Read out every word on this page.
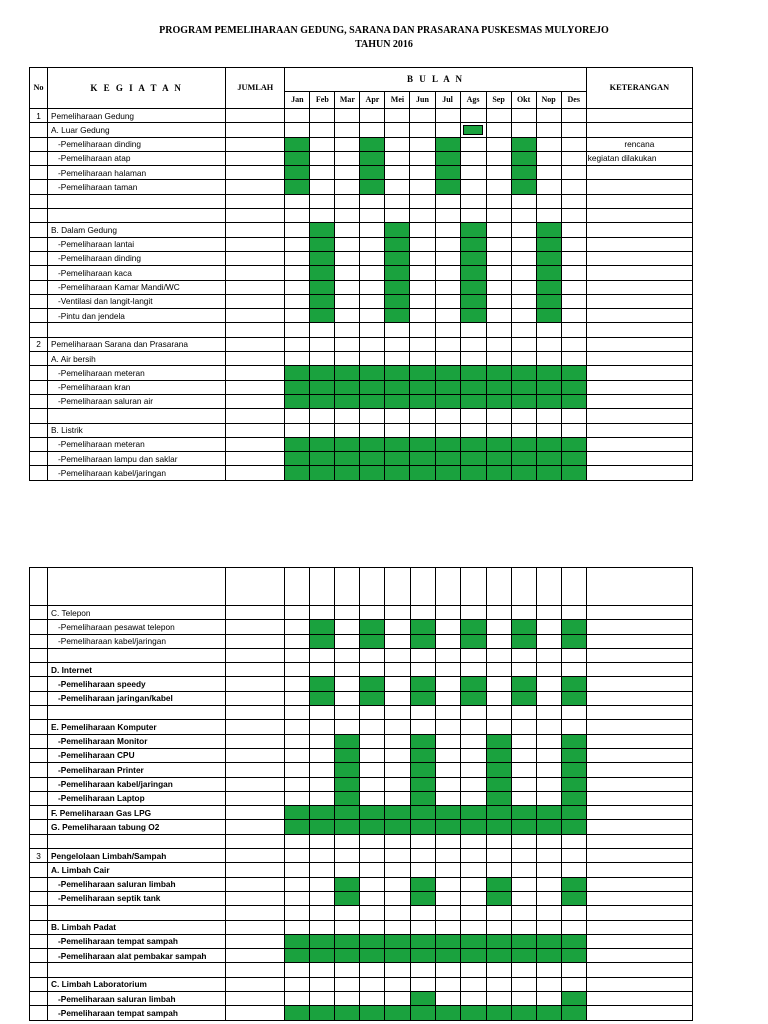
PROGRAM PEMELIHARAAN GEDUNG, SARANA DAN PRASARANA PUSKESMAS MULYOREJO
TAHUN 2016
No	K E G I A T A N	JUMLAH	B U L A N												KETERANGAN
			Jan	Feb	Mar	Apr	Mei	Jun	Jul	Ags	Sep	Okt	Nop	Des	
1	Pemeliharaan Gedung														
	A. Luar Gedung														
	-Pemeliharaan dinding														rencana
	-Pemeliharaan atap														kegiatan dilakukan
	-Pemeliharaan halaman														
	-Pemeliharaan taman														

	B. Dalam Gedung														
	-Pemeliharaan lantai														
	-Pemeliharaan dinding														
	-Pemeliharaan kaca														
	-Pemeliharaan Kamar Mandi/WC														
	-Ventilasi dan langit-langit														
	-Pintu dan jendela														

2	Pemeliharaan Sarana dan Prasarana														
	A. Air bersih														
	-Pemeliharaan meteran														
	-Pemeliharaan kran														
	-Pemeliharaan saluran air														

	B. Listrik														
	-Pemeliharaan meteran														
	-Pemeliharaan lampu dan saklar														
	-Pemeliharaan kabel/jaringan														

	C. Telepon														
	-Pemeliharaan pesawat telepon														
	-Pemeliharaan kabel/jaringan														

	D. Internet														
	-Pemeliharaan speedy														
	-Pemeliharaan jaringan/kabel														

	E. Pemeliharaan Komputer														
	-Pemeliharaan Monitor														
	-Pemeliharaan CPU														
	-Pemeliharaan Printer														
	-Pemeliharaan kabel/jaringan														
	-Pemeliharaan Laptop														
	F. Pemeliharaan Gas LPG														
	G. Pemeliharaan tabung O2														

3	Pengelolaan Limbah/Sampah														
	A. Limbah Cair														
	-Pemeliharaan saluran limbah														
	-Pemeliharaan septik tank														

	B. Limbah Padat														
	-Pemeliharaan tempat sampah														
	-Pemeliharaan alat pembakar sampah														

	C. Limbah Laboratorium														
	-Pemeliharaan saluran limbah														
	-Pemeliharaan tempat sampah														
